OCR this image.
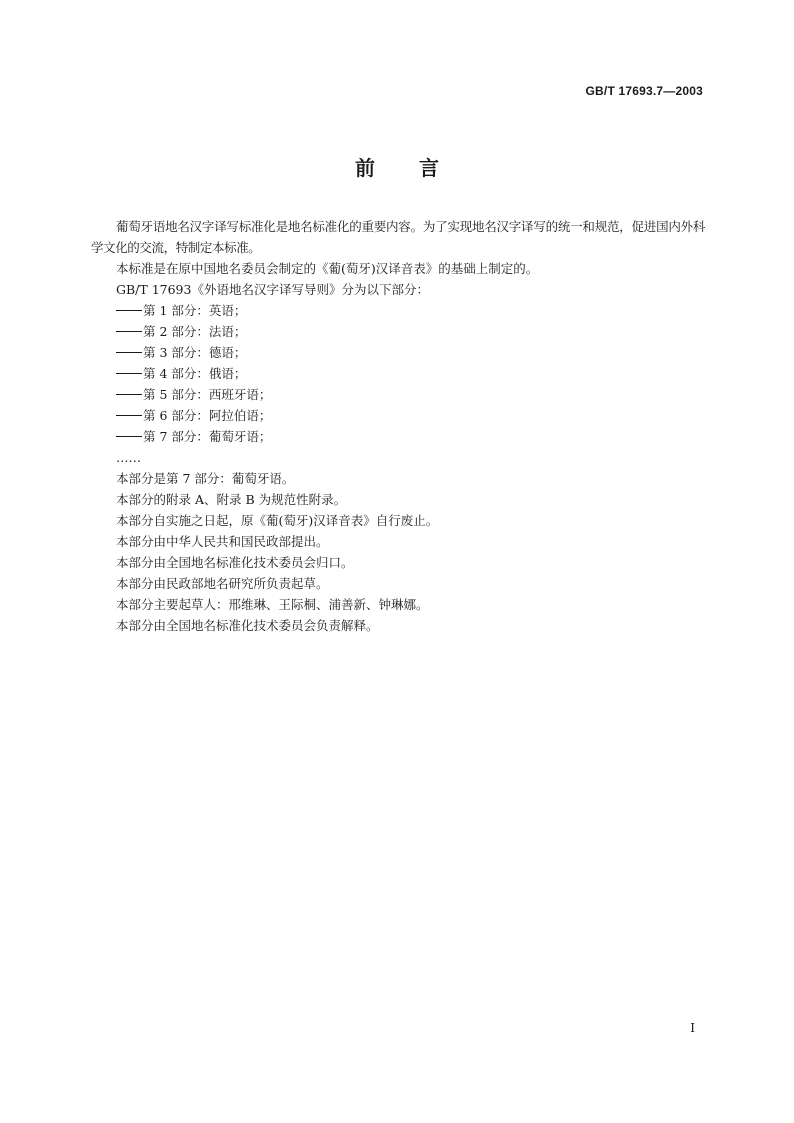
GB/T 17693.7—2003
前言

葡萄牙语地名汉字译写标准化是地名标准化的重要内容。为了实现地名汉字译写的统一和规范，促进国内外科学文化的交流，特制定本标准。

本标准是在原中国地名委员会制定的《葡(萄牙)汉译音表》的基础上制定的。

GB/T 17693《外语地名汉字译写导则》分为以下部分：

第 1 部分：英语；

第 2 部分：法语；

第 3 部分：德语；

第 4 部分：俄语；

第 5 部分：西班牙语；

第 6 部分：阿拉伯语；

第 7 部分：葡萄牙语；

……

本部分是第 7 部分：葡萄牙语。

本部分的附录 A、附录 B 为规范性附录。

本部分自实施之日起，原《葡(萄牙)汉译音表》自行废止。

本部分由中华人民共和国民政部提出。

本部分由全国地名标准化技术委员会归口。

本部分由民政部地名研究所负责起草。

本部分主要起草人：邢维琳、王际桐、浦善新、钟琳娜。

本部分由全国地名标准化技术委员会负责解释。

I
